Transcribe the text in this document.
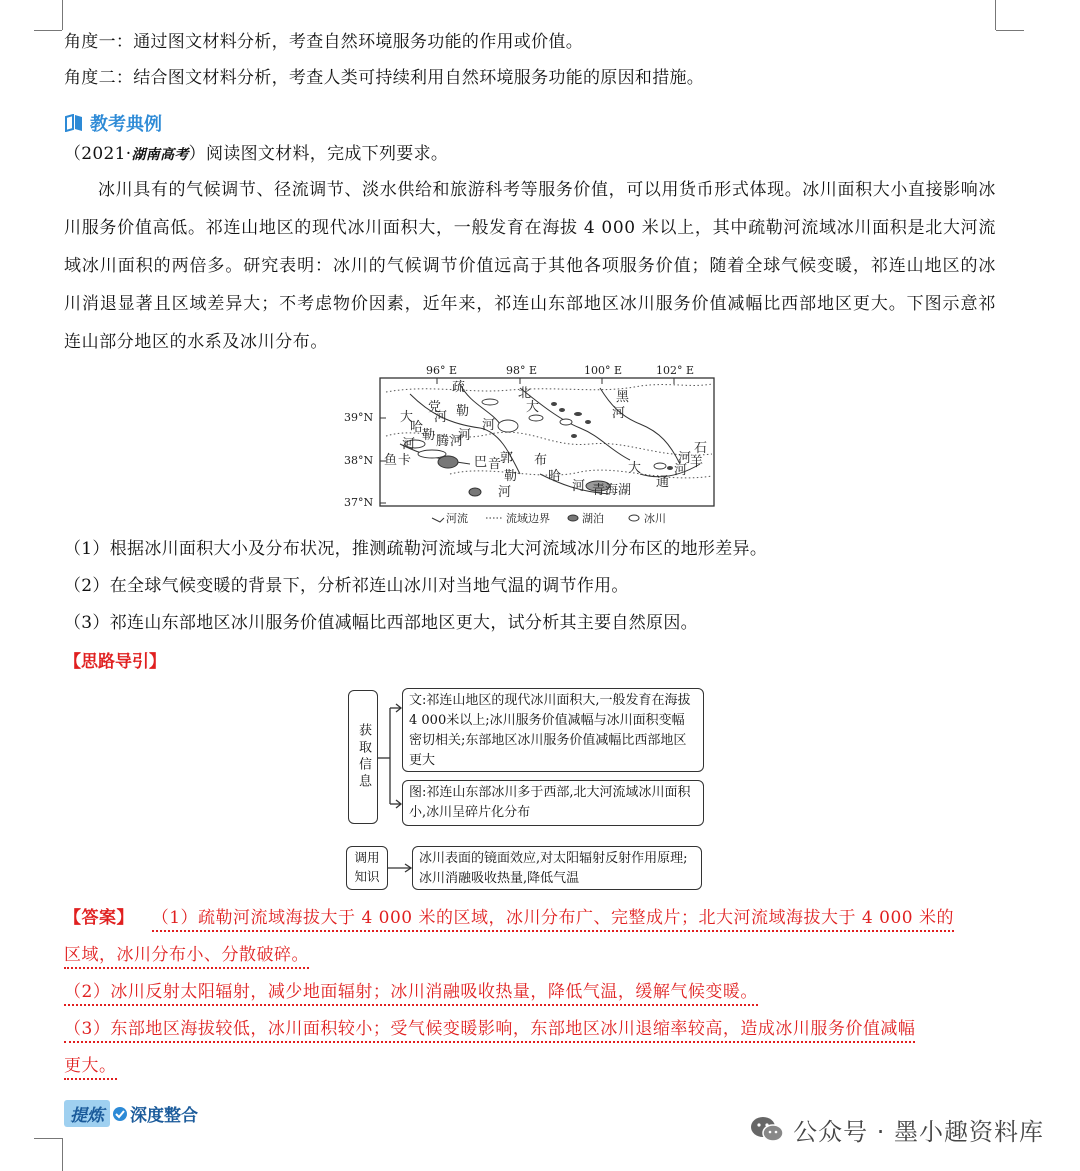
角度一：通过图文材料分析，考查自然环境服务功能的作用或价值。
角度二：结合图文材料分析，考查人类可持续利用自然环境服务功能的原因和措施。
教考典例
（2021·湖南高考）阅读图文材料，完成下列要求。
冰川具有的气候调节、径流调节、淡水供给和旅游科考等服务价值，可以用货币形式体现。冰川面积大小直接影响冰川服务价值高低。祁连山地区的现代冰川面积大，一般发育在海拔 4 000 米以上，其中疏勒河流域冰川面积是北大河流域冰川面积的两倍多。研究表明：冰川的气候调节价值远高于其他各项服务价值；随着全球气候变暖，祁连山地区的冰川消退显著且区域差异大；不考虑物价因素，近年来，祁连山东部地区冰川服务价值减幅比西部地区更大。下图示意祁连山部分地区的水系及冰川分布。
96° E	98° E	100° E	102° E
39°N
38°N
37°N
疏
勒
河
党
河
大
哈
勒 腾 河
河
鱼 卡
北
大
河
黑
河
巴 音
郭
勒
河
布
哈
河 青海湖
大
通
河
石
羊
河
河流	流域边界	湖泊	冰川
（1）根据冰川面积大小及分布状况，推测疏勒河流域与北大河流域冰川分布区的地形差异。
（2）在全球气候变暖的背景下，分析祁连山冰川对当地气温的调节作用。
（3）祁连山东部地区冰川服务价值减幅比西部地区更大，试分析其主要自然原因。
【思路导引】
获取信息
文:祁连山地区的现代冰川面积大,一般发育在海拔4 000米以上;冰川服务价值减幅与冰川面积变幅密切相关;东部地区冰川服务价值减幅比西部地区更大
图:祁连山东部冰川多于西部,北大河流域冰川面积小,冰川呈碎片化分布
调用知识
冰川表面的镜面效应,对太阳辐射反射作用原理;冰川消融吸收热量,降低气温
【答案】 （1）疏勒河流域海拔大于 4 000 米的区域，冰川分布广、完整成片；北大河流域海拔大于 4 000 米的
区域，冰川分布小、分散破碎。
（2）冰川反射太阳辐射，减少地面辐射；冰川消融吸收热量，降低气温，缓解气候变暖。
（3）东部地区海拔较低，冰川面积较小；受气候变暖影响，东部地区冰川退缩率较高，造成冰川服务价值减幅
更大。
提炼	深度整合
公众号 · 墨小趣资料库
